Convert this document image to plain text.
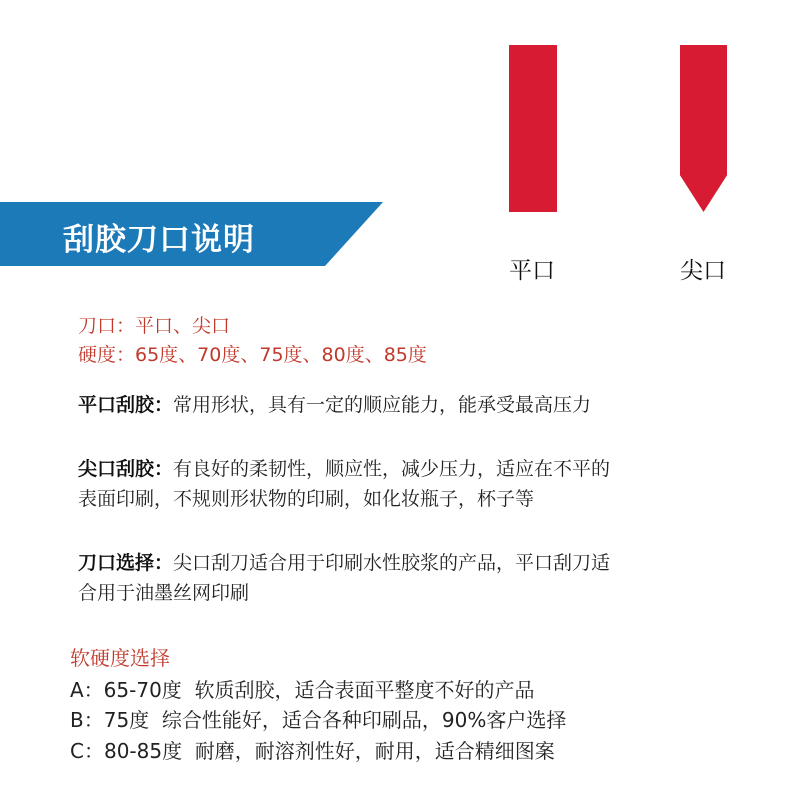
刮胶刀口说明
平口	尖口
刀口：平口、尖口
硬度：65度、70度、75度、80度、85度
平口刮胶：常用形状，具有一定的顺应能力，能承受最高压力
尖口刮胶：有良好的柔韧性，顺应性，减少压力，适应在不平的
表面印刷，不规则形状物的印刷，如化妆瓶子，杯子等
刀口选择：尖口刮刀适合用于印刷水性胶浆的产品，平口刮刀适
合用于油墨丝网印刷
软硬度选择
A：65-70度 软质刮胶，适合表面平整度不好的产品
B：75度 综合性能好，适合各种印刷品，90%客户选择
C：80-85度 耐磨，耐溶剂性好，耐用，适合精细图案
